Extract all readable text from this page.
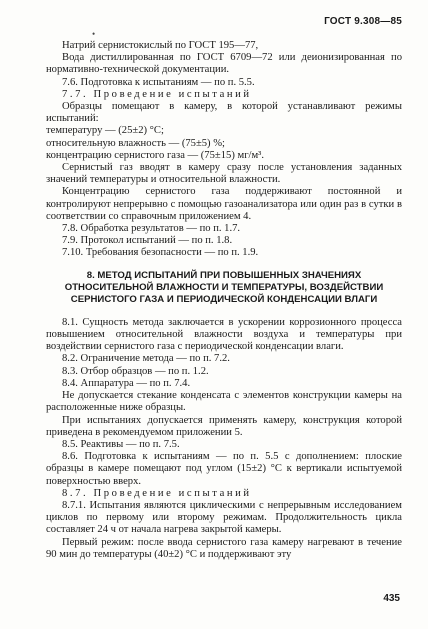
ГОСТ 9.308—85
•

Натрий сернистокислый по ГОСТ 195—77,

Вода дистиллированная по ГОСТ 6709—72 или деионизированная по нормативно-технической документации.

7.6. Подготовка к испытаниям — по п. 5.5.

7.7. Проведение испытаний

Образцы помещают в камеру, в которой устанавливают режимы испытаний:

температуру — (25±2) °С;

относительную влажность — (75±5) %;

концентрацию сернистого газа — (75±15) мг/м³.

Сернистый газ вводят в камеру сразу после установления заданных значений температуры и относительной влажности.

Концентрацию сернистого газа поддерживают постоянной и контролируют непрерывно с помощью газоанализатора или один раз в сутки в соответствии со справочным приложением 4.

7.8. Обработка результатов — по п. 1.7.

7.9. Протокол испытаний — по п. 1.8.

7.10. Требования безопасности — по п. 1.9.

8. МЕТОД ИСПЫТАНИЙ ПРИ ПОВЫШЕННЫХ ЗНАЧЕНИЯХ ОТНОСИТЕЛЬНОЙ ВЛАЖНОСТИ И ТЕМПЕРАТУРЫ, ВОЗДЕЙСТВИИ СЕРНИСТОГО ГАЗА И ПЕРИОДИЧЕСКОЙ КОНДЕНСАЦИИ ВЛАГИ

8.1. Сущность метода заключается в ускорении коррозионного процесса повышением относительной влажности воздуха и температуры при воздействии сернистого газа с периодической конденсации влаги.

8.2. Ограничение метода — по п. 7.2.

8.3. Отбор образцов — по п. 1.2.

8.4. Аппаратура — по п. 7.4.

Не допускается стекание конденсата с элементов конструкции камеры на расположенные ниже образцы.

При испытаниях допускается применять камеру, конструкция которой приведена в рекомендуемом приложении 5.

8.5. Реактивы — по п. 7.5.

8.6. Подготовка к испытаниям — по п. 5.5 с дополнением: плоские образцы в камере помещают под углом (15±2) °С к вертикали испытуемой поверхностью вверх.

8.7. Проведение испытаний

8.7.1. Испытания являются циклическими с непрерывным исследованием циклов по первому или второму режимам. Продолжительность цикла составляет 24 ч от начала нагрева закрытой камеры.

Первый режим: после ввода сернистого газа камеру нагревают в течение 90 мин до температуры (40±2) °С и поддерживают эту

435
